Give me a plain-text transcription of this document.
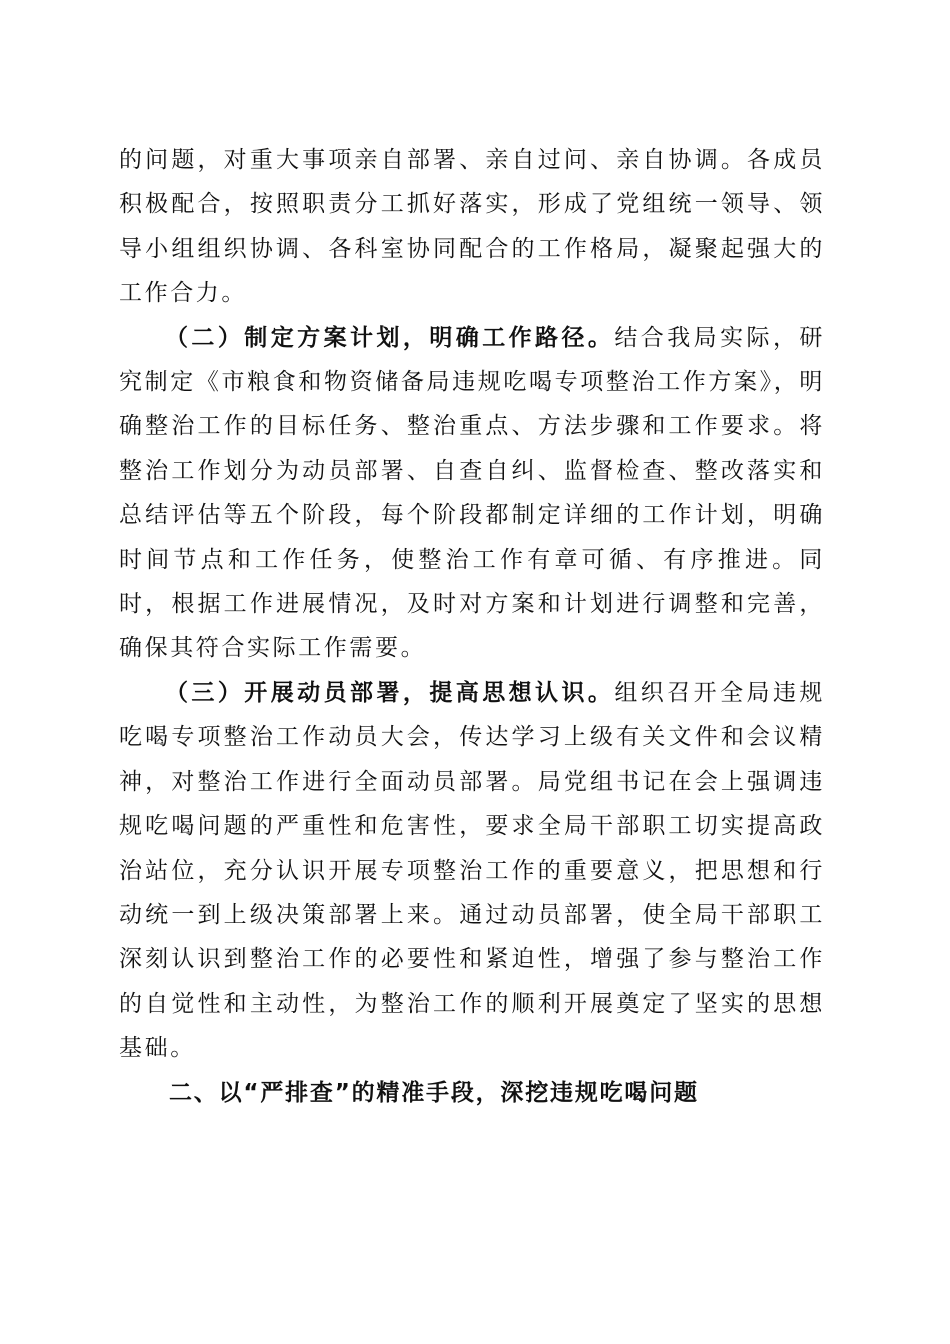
的问题，对重大事项亲自部署、亲自过问、亲自协调。各成员积极配合，按照职责分工抓好落实，形成了党组统一领导、领导小组组织协调、各科室协同配合的工作格局，凝聚起强大的工作合力。

（二）制定方案计划，明确工作路径。结合我局实际，研究制定《市粮食和物资储备局违规吃喝专项整治工作方案》，明确整治工作的目标任务、整治重点、方法步骤和工作要求。将整治工作划分为动员部署、自查自纠、监督检查、整改落实和总结评估等五个阶段，每个阶段都制定详细的工作计划，明确时间节点和工作任务，使整治工作有章可循、有序推进。同时，根据工作进展情况，及时对方案和计划进行调整和完善，确保其符合实际工作需要。

（三）开展动员部署，提高思想认识。组织召开全局违规吃喝专项整治工作动员大会，传达学习上级有关文件和会议精神，对整治工作进行全面动员部署。局党组书记在会上强调违规吃喝问题的严重性和危害性，要求全局干部职工切实提高政治站位，充分认识开展专项整治工作的重要意义，把思想和行动统一到上级决策部署上来。通过动员部署，使全局干部职工深刻认识到整治工作的必要性和紧迫性，增强了参与整治工作的自觉性和主动性，为整治工作的顺利开展奠定了坚实的思想基础。

二、以“严排查”的精准手段，深挖违规吃喝问题
